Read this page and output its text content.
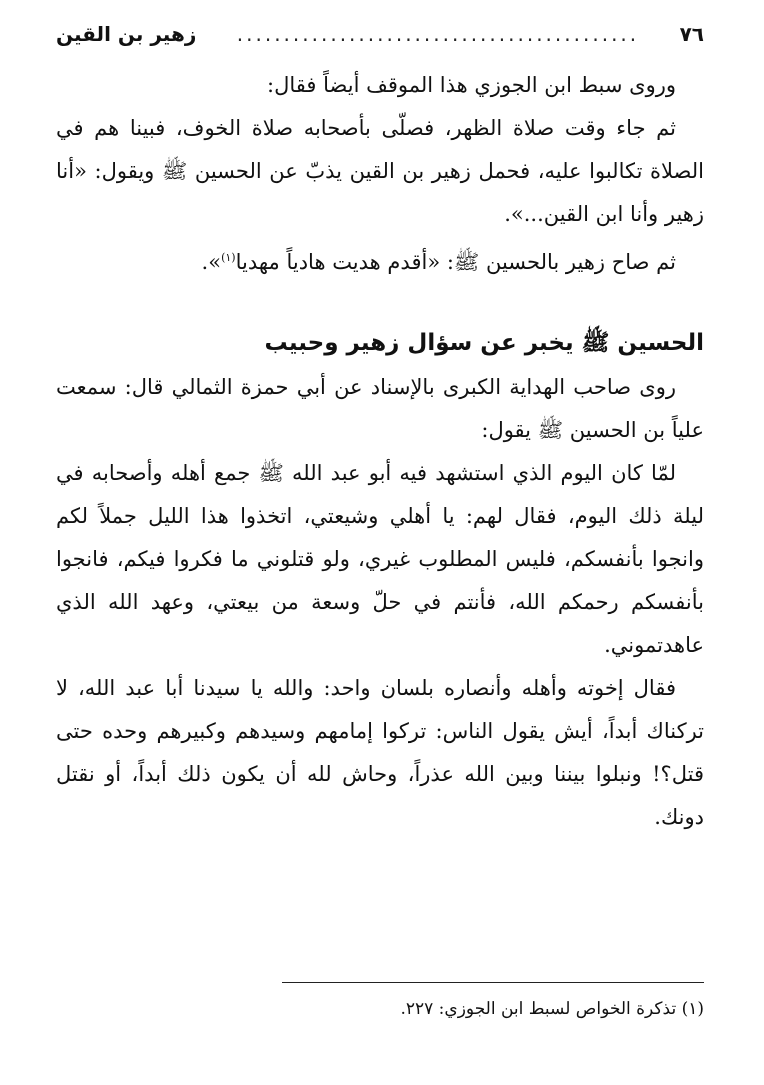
٧٦
...........................................
زهير بن القين

وروى سبط ابن الجوزي هذا الموقف أيضاً فقال:

ثم جاء وقت صلاة الظهر، فصلّى بأصحابه صلاة الخوف، فبينا هم في الصلاة تكالبوا عليه، فحمل زهير بن القين يذبّ عن الحسين ﷺ ويقول: «أنا زهير وأنا ابن القين...».

ثم صاح زهير بالحسين ﷺ: «أقدم هديت هادياً مهديا$^{(١)}$».

الحسين ﷺ يخبر عن سؤال زهير وحبيب

روى صاحب الهداية الكبرى بالإسناد عن أبي حمزة الثمالي قال: سمعت علياً بن الحسين ﷺ يقول:

لمّا كان اليوم الذي استشهد فيه أبو عبد الله ﷺ جمع أهله وأصحابه في ليلة ذلك اليوم، فقال لهم: يا أهلي وشيعتي، اتخذوا هذا الليل جملاً لكم وانجوا بأنفسكم، فليس المطلوب غيري، ولو قتلوني ما فكروا فيكم، فانجوا بأنفسكم رحمكم الله، فأنتم في حلّ وسعة من بيعتي، وعهد الله الذي عاهدتموني.

فقال إخوته وأهله وأنصاره بلسان واحد: والله يا سيدنا أبا عبد الله، لا تركناك أبداً، أيش يقول الناس: تركوا إمامهم وسيدهم وكبيرهم وحده حتى قتل؟! ونبلوا بيننا وبين الله عذراً، وحاش لله أن يكون ذلك أبداً، أو نقتل دونك.

(١) تذكرة الخواص لسبط ابن الجوزي: ٢٢٧.
